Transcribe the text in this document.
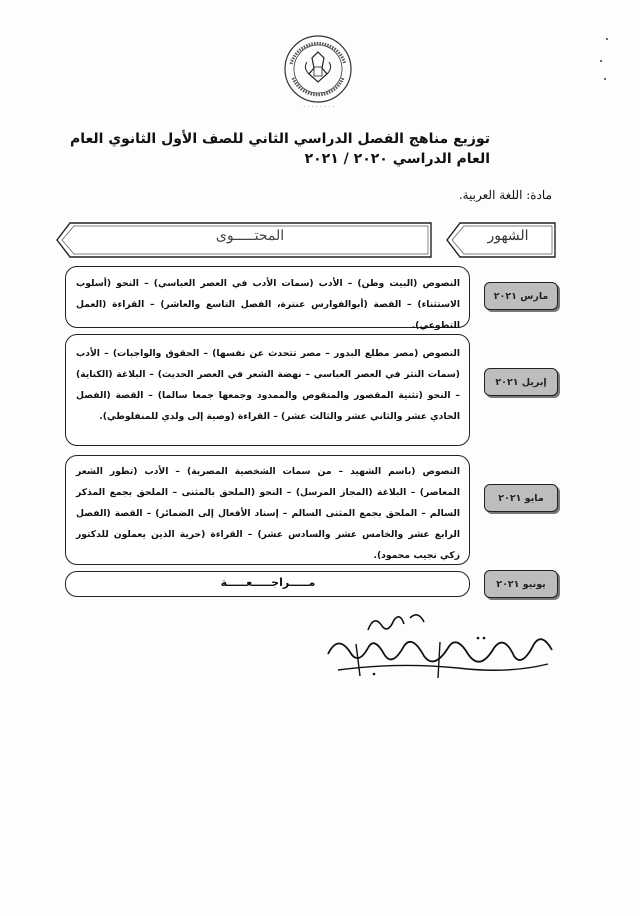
· · · · · · · ·
توزيع مناهج الفصل الدراسي الثاني للصف الأول الثانوي العام
العام الدراسي ٢٠٢٠ / ٢٠٢١
مادة: اللغة العربية.
المحتـــــوى	الشهور
النصوص (البيت وطن) – الأدب (سمات الأدب في العصر العباسي) – النحو (أسلوب الاستثناء) – القصة (أبوالفوارس عنترة، الفصل التاسع والعاشر) – القراءة (العمل التطوعي).
مارس ٢٠٢١
النصوص (مصر مطلع البدور – مصر تتحدث عن نفسها) – الحقوق والواجبات) – الأدب (سمات النثر في العصر العباسي – نهضة الشعر في العصر الحديث) – البلاغة (الكناية) – النحو (تثنية المقصور والمنقوص والممدود وجمعها جمعا سالما) – القصة (الفصل الحادي عشر والثاني عشر والثالث عشر) – القراءة (وصية إلى ولدي للمنفلوطي).
إبريل ٢٠٢١
النصوص (باسم الشهيد – من سمات الشخصية المصرية) – الأدب (تطور الشعر المعاصر) – البلاغة (المجاز المرسل) – النحو (الملحق بالمثنى – الملحق بجمع المذكر السالم – الملحق بجمع المثنى السالم – إسناد الأفعال إلى الضمائر) – القصة (الفصل الرابع عشر والخامس عشر والسادس عشر) – القراءة (حرية الذين يعملون للدكتور زكي نجيب محمود).
مايو ٢٠٢١
مـــــراجـــــعـــــة	يونيو ٢٠٢١
